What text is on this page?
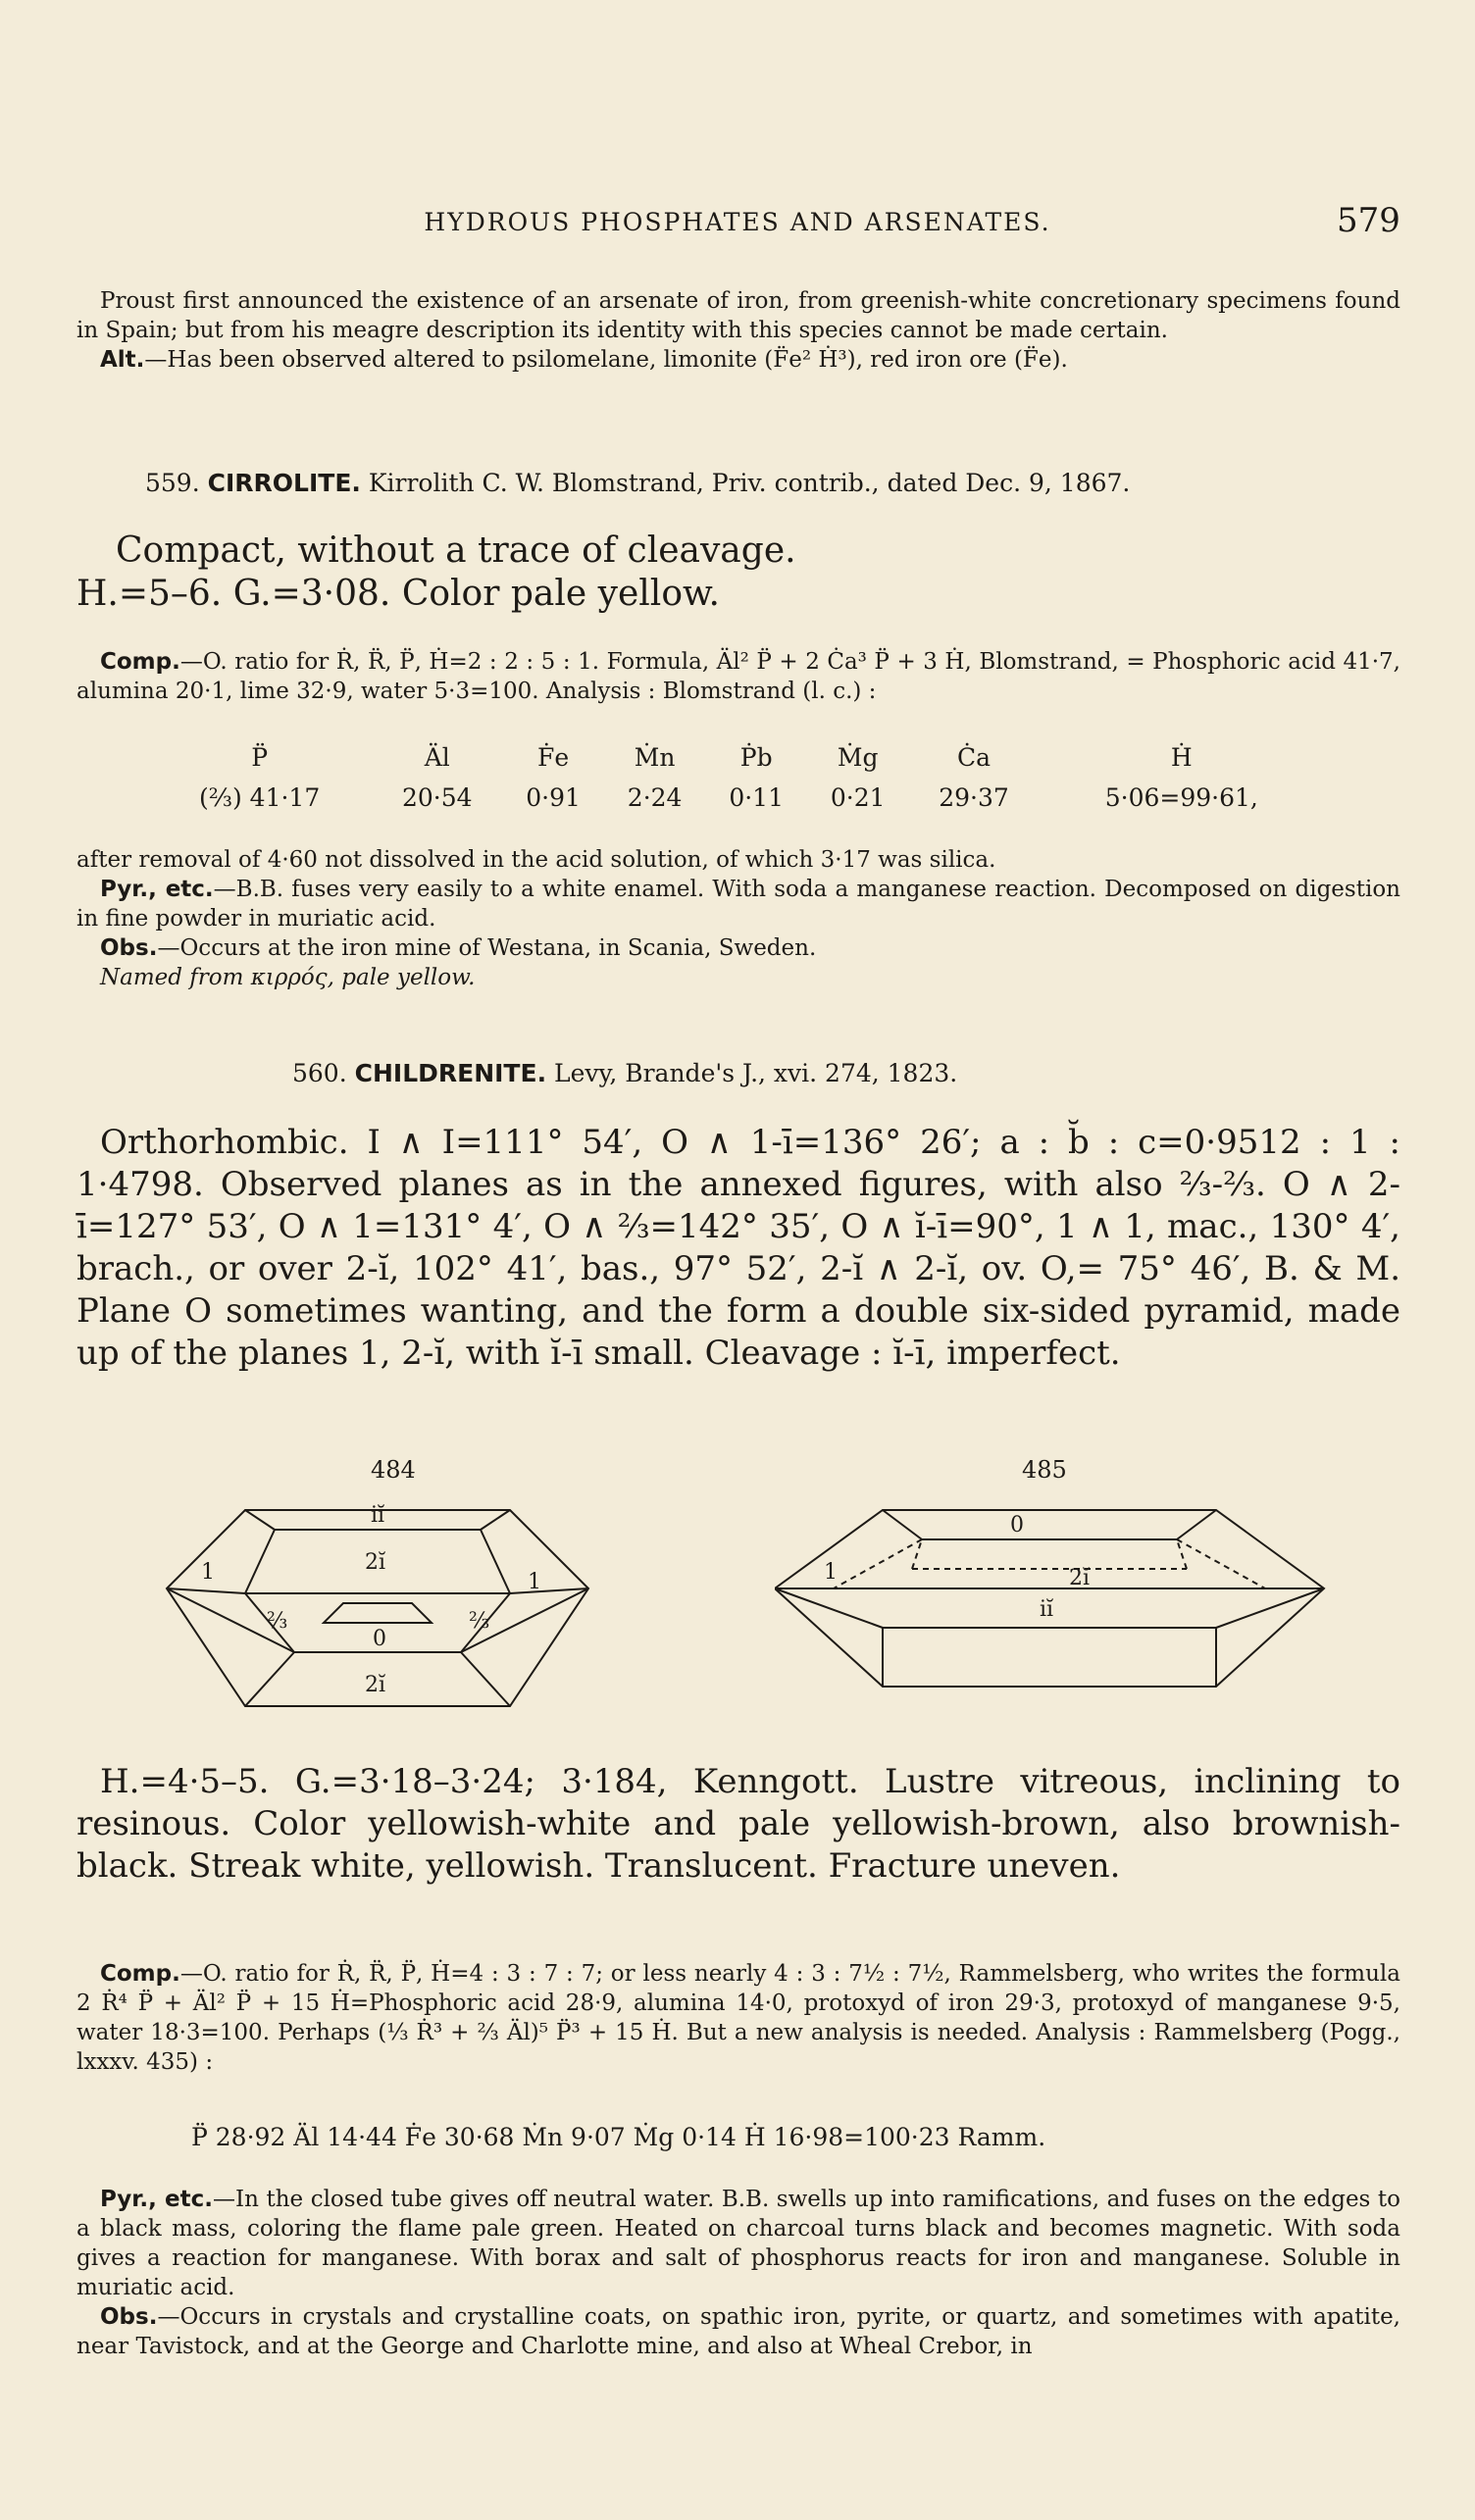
HYDROUS PHOSPHATES AND ARSENATES.	579

Proust first announced the existence of an arsenate of iron, from greenish-white concretionary specimens found in Spain; but from his meagre description its identity with this species cannot be made certain.

Alt.—Has been observed altered to psilomelane, limonite (F̈e² Ḣ³), red iron ore (F̈e).

559. CIRROLITE. Kirrolith C. W. Blomstrand, Priv. contrib., dated Dec. 9, 1867.

Compact, without a trace of cleavage.

H.=5–6. G.=3·08. Color pale yellow.

Comp.—O. ratio for Ṙ, R̈, P̈, Ḣ=2 : 2 : 5 : 1. Formula, Äl² P̈ + 2 Ċa³ P̈ + 3 Ḣ, Blomstrand, = Phosphoric acid 41·7, alumina 20·1, lime 32·9, water 5·3=100. Analysis : Blomstrand (l. c.) :

P̈	Äl	Ḟe	Ṁn	Ṗb	Ṁg	Ċa	Ḣ
(⅔) 41·17	20·54	0·91	2·24	0·11	0·21	29·37	5·06=99·61,

after removal of 4·60 not dissolved in the acid solution, of which 3·17 was silica.

Pyr., etc.—B.B. fuses very easily to a white enamel. With soda a manganese reaction. Decomposed on digestion in fine powder in muriatic acid.

Obs.—Occurs at the iron mine of Westana, in Scania, Sweden.

Named from κιρρός, pale yellow.

560. CHILDRENITE. Levy, Brande's J., xvi. 274, 1823.

Orthorhombic. I ∧ I=111° 54′, O ∧ 1-ī=136° 26′; a : b̆ : c=0·9512 : 1 : 1·4798. Observed planes as in the annexed figures, with also ⅔-⅔. O ∧ 2-ī=127° 53′, O ∧ 1=131° 4′, O ∧ ⅔=142° 35′, O ∧ ĭ-ī=90°, 1 ∧ 1, mac., 130° 4′, brach., or over 2-ĭ, 102° 41′, bas., 97° 52′, 2-ĭ ∧ 2-ĭ, ov. O,= 75° 46′, B. & M. Plane O sometimes wanting, and the form a double six-sided pyramid, made up of the planes 1, 2-ĭ, with ĭ-ī small. Cleavage : ĭ-ī, imperfect.

484	485
iĭ
1	2ĭ
1
⅔	⅔
0
2ĭ
0
1	2ĭ
iĭ

H.=4·5–5. G.=3·18–3·24; 3·184, Kenngott. Lustre vitreous, inclining to resinous. Color yellowish-white and pale yellowish-brown, also brownish-black. Streak white, yellowish. Translucent. Fracture uneven.

Comp.—O. ratio for Ṙ, R̈, P̈, Ḣ=4 : 3 : 7 : 7; or less nearly 4 : 3 : 7½ : 7½, Rammelsberg, who writes the formula 2 Ṙ⁴ P̈ + Äl² P̈ + 15 Ḣ=Phosphoric acid 28·9, alumina 14·0, protoxyd of iron 29·3, protoxyd of manganese 9·5, water 18·3=100. Perhaps (⅓ Ṙ³ + ⅔ Äl)⁵ P̈³ + 15 Ḣ. But a new analysis is needed. Analysis : Rammelsberg (Pogg., lxxxv. 435) :

P̈ 28·92 Äl 14·44 Ḟe 30·68 Ṁn 9·07 Ṁg 0·14 Ḣ 16·98=100·23 Ramm.

Pyr., etc.—In the closed tube gives off neutral water. B.B. swells up into ramifications, and fuses on the edges to a black mass, coloring the flame pale green. Heated on charcoal turns black and becomes magnetic. With soda gives a reaction for manganese. With borax and salt of phosphorus reacts for iron and manganese. Soluble in muriatic acid.

Obs.—Occurs in crystals and crystalline coats, on spathic iron, pyrite, or quartz, and sometimes with apatite, near Tavistock, and at the George and Charlotte mine, and also at Wheal Crebor, in
